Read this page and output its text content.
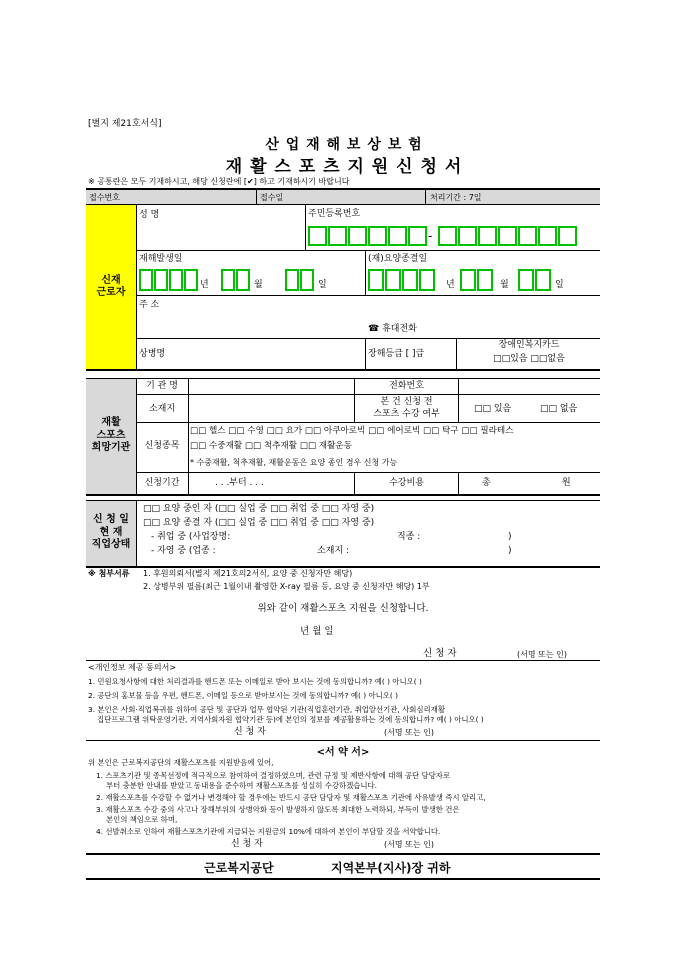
[별지 제21호서식]
산 업 재 해 보 상 보 험
재 활 스 포 츠 지 원 신 청 서
※ 공통란은 모두 기재하시고, 해당 신청란에 [✔] 하고 기재하시기 바랍니다
접수번호	접수일	처리기간 : 7일
신재
근로자
성 명	주민등록번호
-
재해발생일
년	월	일
(재)요양종결일
년	월	일
주 소
☎ 휴대전화
상병명	장해등급 [ ]급
장애인복지카드
□□있음 □□없음
재활
스포츠
희망기관
기 관 명	전화번호
소재지
본 건 신청 전
스포츠 수강 여부	□□ 있음	□□ 없음
신청종목
□□ 헬스 □□ 수영 □□ 요가 □□ 아쿠아로빅 □□ 에어로빅 □□ 탁구 □□ 필라테스
□□ 수중재활 □□ 척추재활 □□ 재활운동
* 수중재활, 척추재활, 재활운동은 요양 종인 경우 신청 가능
신청기간	. . .부터 . . .	수강비용	총	원
신 청 일
현 재
직업상태
□□ 요양 중인 자 (□□ 실업 중 □□ 취업 중 □□ 자영 중)
□□ 요양 종결 자 (□□ 실업 중 □□ 취업 중 □□ 자영 중)
- 취업 중 (사업장명:	직종 :	)
- 자영 중 (업종 :	소재지 :	)
※ 첨부서류 1. 후원의뢰서(별지 제21호의2서식, 요양 중 신청자만 해당)
2. 상병부위 필름(최근 1월이내 촬영한 X-ray 필름 등, 요양 중 신청자만 해당) 1부
위와 같이 재활스포츠 지원을 신청합니다.
년 월 일
신 청 자	(서명 또는 인)
<개인정보 제공 동의서>
1. 민원요청사항에 대한 처리결과를 핸드폰 또는 이메일로 받아 보시는 것에 동의합니까? 예( ) 아니오( )
2. 공단의 홍보물 등을 우편, 핸드폰, 이메일 등으로 받아보시는 것에 동의합니까? 예( ) 아니오( )
3. 본인은 사회·직업복귀를 위하여 공단 및 공단과 업무 협약된 기관(직업훈련기관, 취업알선기관, 사회심리재활
집단프로그램 위탁운영기관, 지역사회자원 협약기관 등)에 본인의 정보를 제공활용하는 것에 동의합니까? 예( ) 아니오( )
신 청 자	(서명 또는 인)
<서 약 서>
위 본인은 근로복지공단의 재활스포츠를 지원받음에 있어,
1. 스포츠기관 및 종목선정에 적극적으로 참여하여 결정하였으며, 관련 규정 및 제반사항에 대해 공단 담당자로
부터 충분한 안내를 받았고 동내용을 준수하여 재활스포츠를 성실히 수강하겠습니다.
2. 재활스포츠를 수강할 수 없거나 변경해야 할 경우에는 반드시 공단 담당자 및 재활스포츠 기관에 사유발생 즉시 알리고,
3. 재활스포츠 수강 중의 사고나 장해부위의 상병악화 등이 발생하지 않도록 최대한 노력하되, 부득이 발생한 건은
본인의 책임으로 하며,
4. 선발취소로 인하여 재활스포츠기관에 지급되는 지원금의 10%에 대하여 본인이 부담할 것을 서약합니다.
신 청 자	(서명 또는 인)
근로복지공단	지역본부(지사)장 귀하
